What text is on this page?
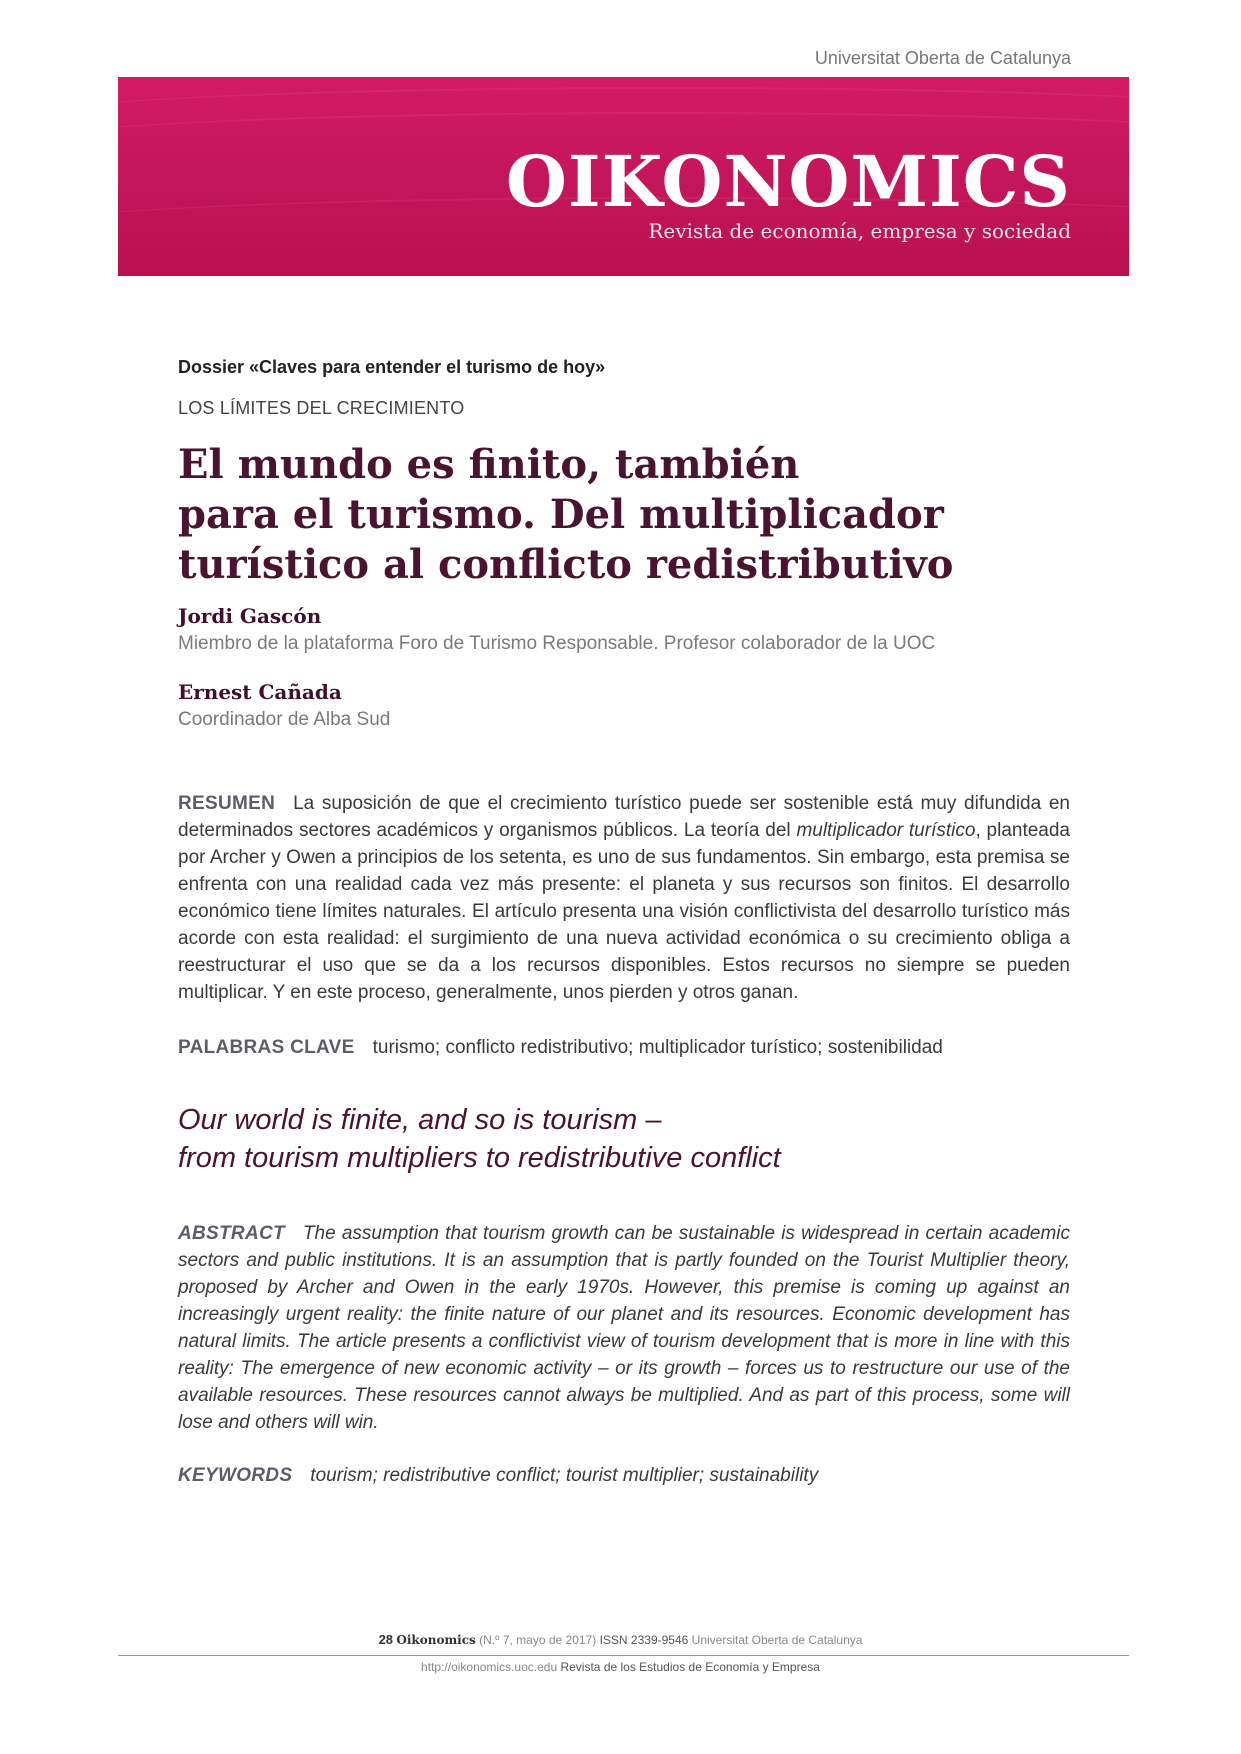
Universitat Oberta de Catalunya
OIKONOMICS
Revista de economía, empresa y sociedad
Dossier «Claves para entender el turismo de hoy»
LOS LÍMITES DEL CRECIMIENTO
El mundo es finito, también
para el turismo. Del multiplicador
turístico al conflicto redistributivo
Jordi Gascón
Miembro de la plataforma Foro de Turismo Responsable. Profesor colaborador de la UOC
Ernest Cañada
Coordinador de Alba Sud

RESUMEN La suposición de que el crecimiento turístico puede ser sostenible está muy difundida en determinados sectores académicos y organismos públicos. La teoría del multiplicador turístico, planteada por Archer y Owen a principios de los setenta, es uno de sus fundamentos. Sin embargo, esta premisa se enfrenta con una realidad cada vez más presente: el planeta y sus recursos son finitos. El desarrollo económico tiene límites naturales. El artículo presenta una visión conflictivista del desarrollo turístico más acorde con esta realidad: el surgimiento de una nueva actividad económica o su crecimiento obliga a reestructurar el uso que se da a los recursos disponibles. Estos recursos no siempre se pueden multiplicar. Y en este proceso, generalmente, unos pierden y otros ganan.

PALABRAS CLAVE turismo; conflicto redistributivo; multiplicador turístico; sostenibilidad

Our world is finite, and so is tourism –
from tourism multipliers to redistributive conflict

ABSTRACT The assumption that tourism growth can be sustainable is widespread in certain academic sectors and public institutions. It is an assumption that is partly founded on the Tourist Multiplier theory, proposed by Archer and Owen in the early 1970s. However, this premise is coming up against an increasingly urgent reality: the finite nature of our planet and its resources. Economic development has natural limits. The article presents a conflictivist view of tourism development that is more in line with this reality: The emergence of new economic activity – or its growth – forces us to restructure our use of the available resources. These resources cannot always be multiplied. And as part of this process, some will lose and others will win.

KEYWORDS tourism; redistributive conflict; tourist multiplier; sustainability

28 Oikonomics (N.º 7, mayo de 2017) ISSN 2339-9546 Universitat Oberta de Catalunya
http://oikonomics.uoc.edu Revista de los Estudios de Economía y Empresa
